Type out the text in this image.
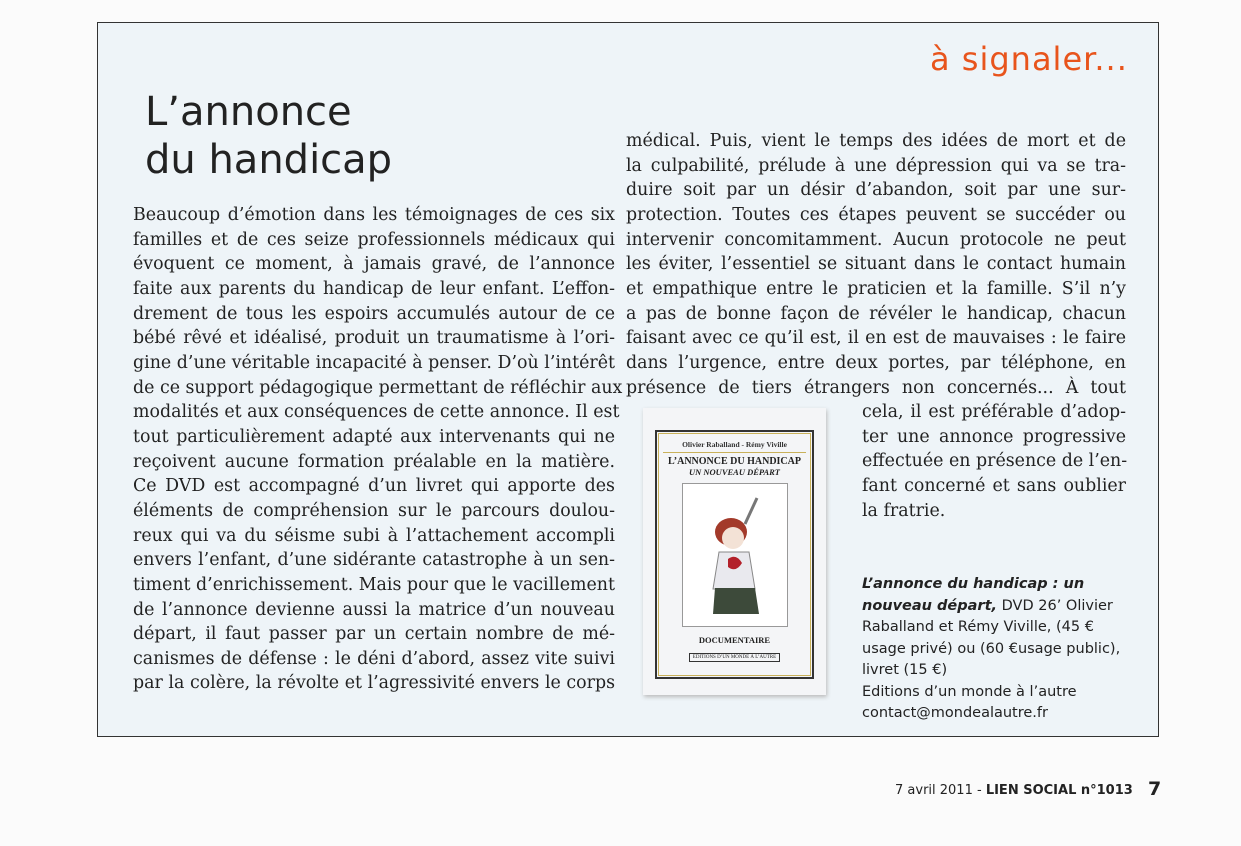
à signaler...
L’annonce
du handicap
Beaucoup d’émotion dans les témoignages de ces six
familles et de ces seize professionnels médicaux qui
évoquent ce moment, à jamais gravé, de l’annonce
faite aux parents du handicap de leur enfant. L’effon-
drement de tous les espoirs accumulés autour de ce
bébé rêvé et idéalisé, produit un traumatisme à l’ori-
gine d’une véritable incapacité à penser. D’où l’intérêt
de ce support pédagogique permettant de réfléchir aux
modalités et aux conséquences de cette annonce. Il est
tout particulièrement adapté aux intervenants qui ne
reçoivent aucune formation préalable en la matière.
Ce DVD est accompagné d’un livret qui apporte des
éléments de compréhension sur le parcours doulou-
reux qui va du séisme subi à l’attachement accompli
envers l’enfant, d’une sidérante catastrophe à un sen-
timent d’enrichissement. Mais pour que le vacillement
de l’annonce devienne aussi la matrice d’un nouveau
départ, il faut passer par un certain nombre de mé-
canismes de défense : le déni d’abord, assez vite suivi
par la colère, la révolte et l’agressivité envers le corps
médical. Puis, vient le temps des idées de mort et de
la culpabilité, prélude à une dépression qui va se tra-
duire soit par un désir d’abandon, soit par une sur-
protection. Toutes ces étapes peuvent se succéder ou
intervenir concomitamment. Aucun protocole ne peut
les éviter, l’essentiel se situant dans le contact humain
et empathique entre le praticien et la famille. S’il n’y
a pas de bonne façon de révéler le handicap, chacun
faisant avec ce qu’il est, il en est de mauvaises : le faire
dans l’urgence, entre deux portes, par téléphone, en
présence de tiers étrangers non concernés... À tout
cela, il est préférable d’adop-
ter une annonce progressive
effectuée en présence de l’en-
fant concerné et sans oublier
la fratrie.
Olivier Raballand - Rémy Viville
L’ANNONCE DU HANDICAP
UN NOUVEAU DÉPART
DOCUMENTAIRE
EDITIONS D’UN MONDE À L’AUTRE
L’annonce du handicap : un nouveau départ, DVD 26’ Olivier Raballand et Rémy Viville, (45 € usage privé) ou (60 €usage public), livret (15 €)
Editions d’un monde à l’autre
contact@mondealautre.fr
7 avril 2011 - LIEN SOCIAL n°1013 7
